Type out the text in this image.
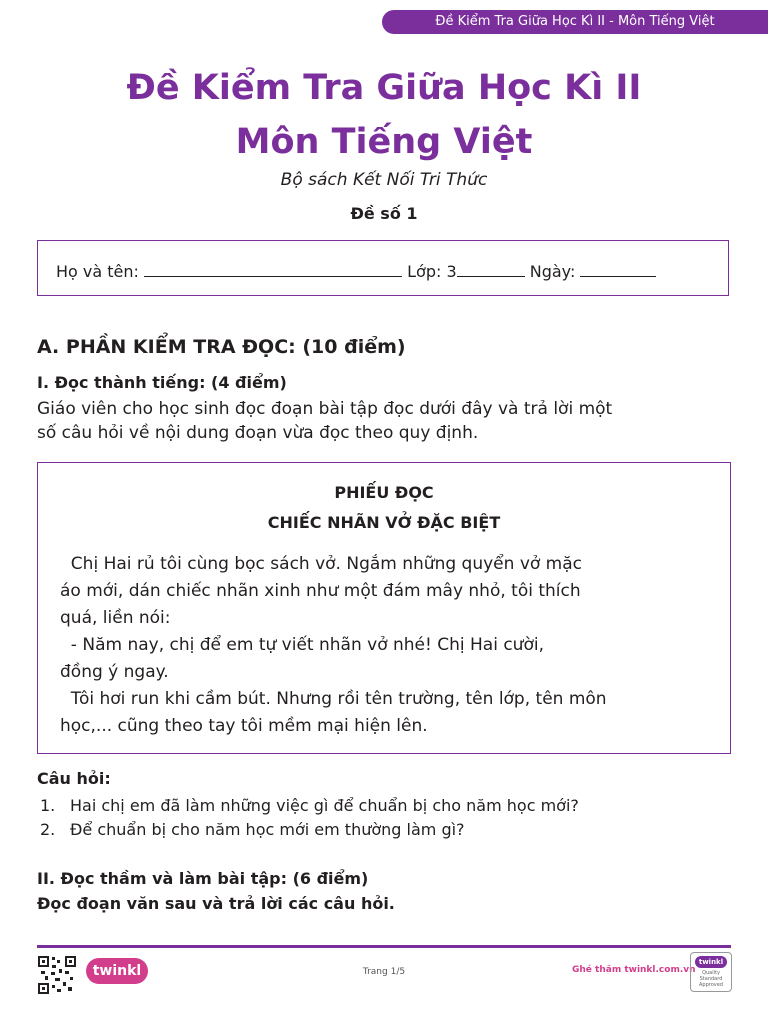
Đề Kiểm Tra Giữa Học Kì II - Môn Tiếng Việt
Đề Kiểm Tra Giữa Học Kì II
Môn Tiếng Việt
Bộ sách Kết Nối Tri Thức
Đề số 1
Họ và tên:	Lớp: 3	Ngày:
A. PHẦN KIỂM TRA ĐỌC: (10 điểm)
I. Đọc thành tiếng: (4 điểm)
Giáo viên cho học sinh đọc đoạn bài tập đọc dưới đây và trả lời một
số câu hỏi về nội dung đoạn vừa đọc theo quy định.
PHIẾU ĐỌC
CHIẾC NHÃN VỞ ĐẶC BIỆT
Chị Hai rủ tôi cùng bọc sách vở. Ngắm những quyển vở mặc
áo mới, dán chiếc nhãn xinh như một đám mây nhỏ, tôi thích
quá, liền nói:
- Năm nay, chị để em tự viết nhãn vở nhé! Chị Hai cười,
đồng ý ngay.
Tôi hơi run khi cầm bút. Nhưng rồi tên trường, tên lớp, tên môn
học,... cũng theo tay tôi mềm mại hiện lên.
Câu hỏi:
1. Hai chị em đã làm những việc gì để chuẩn bị cho năm học mới?
2. Để chuẩn bị cho năm học mới em thường làm gì?
II. Đọc thầm và làm bài tập: (6 điểm)
Đọc đoạn văn sau và trả lời các câu hỏi.
twinkl	Trang 1/5	Ghé thăm twinkl.com.vn
twinkl
Quality Standard Approved
